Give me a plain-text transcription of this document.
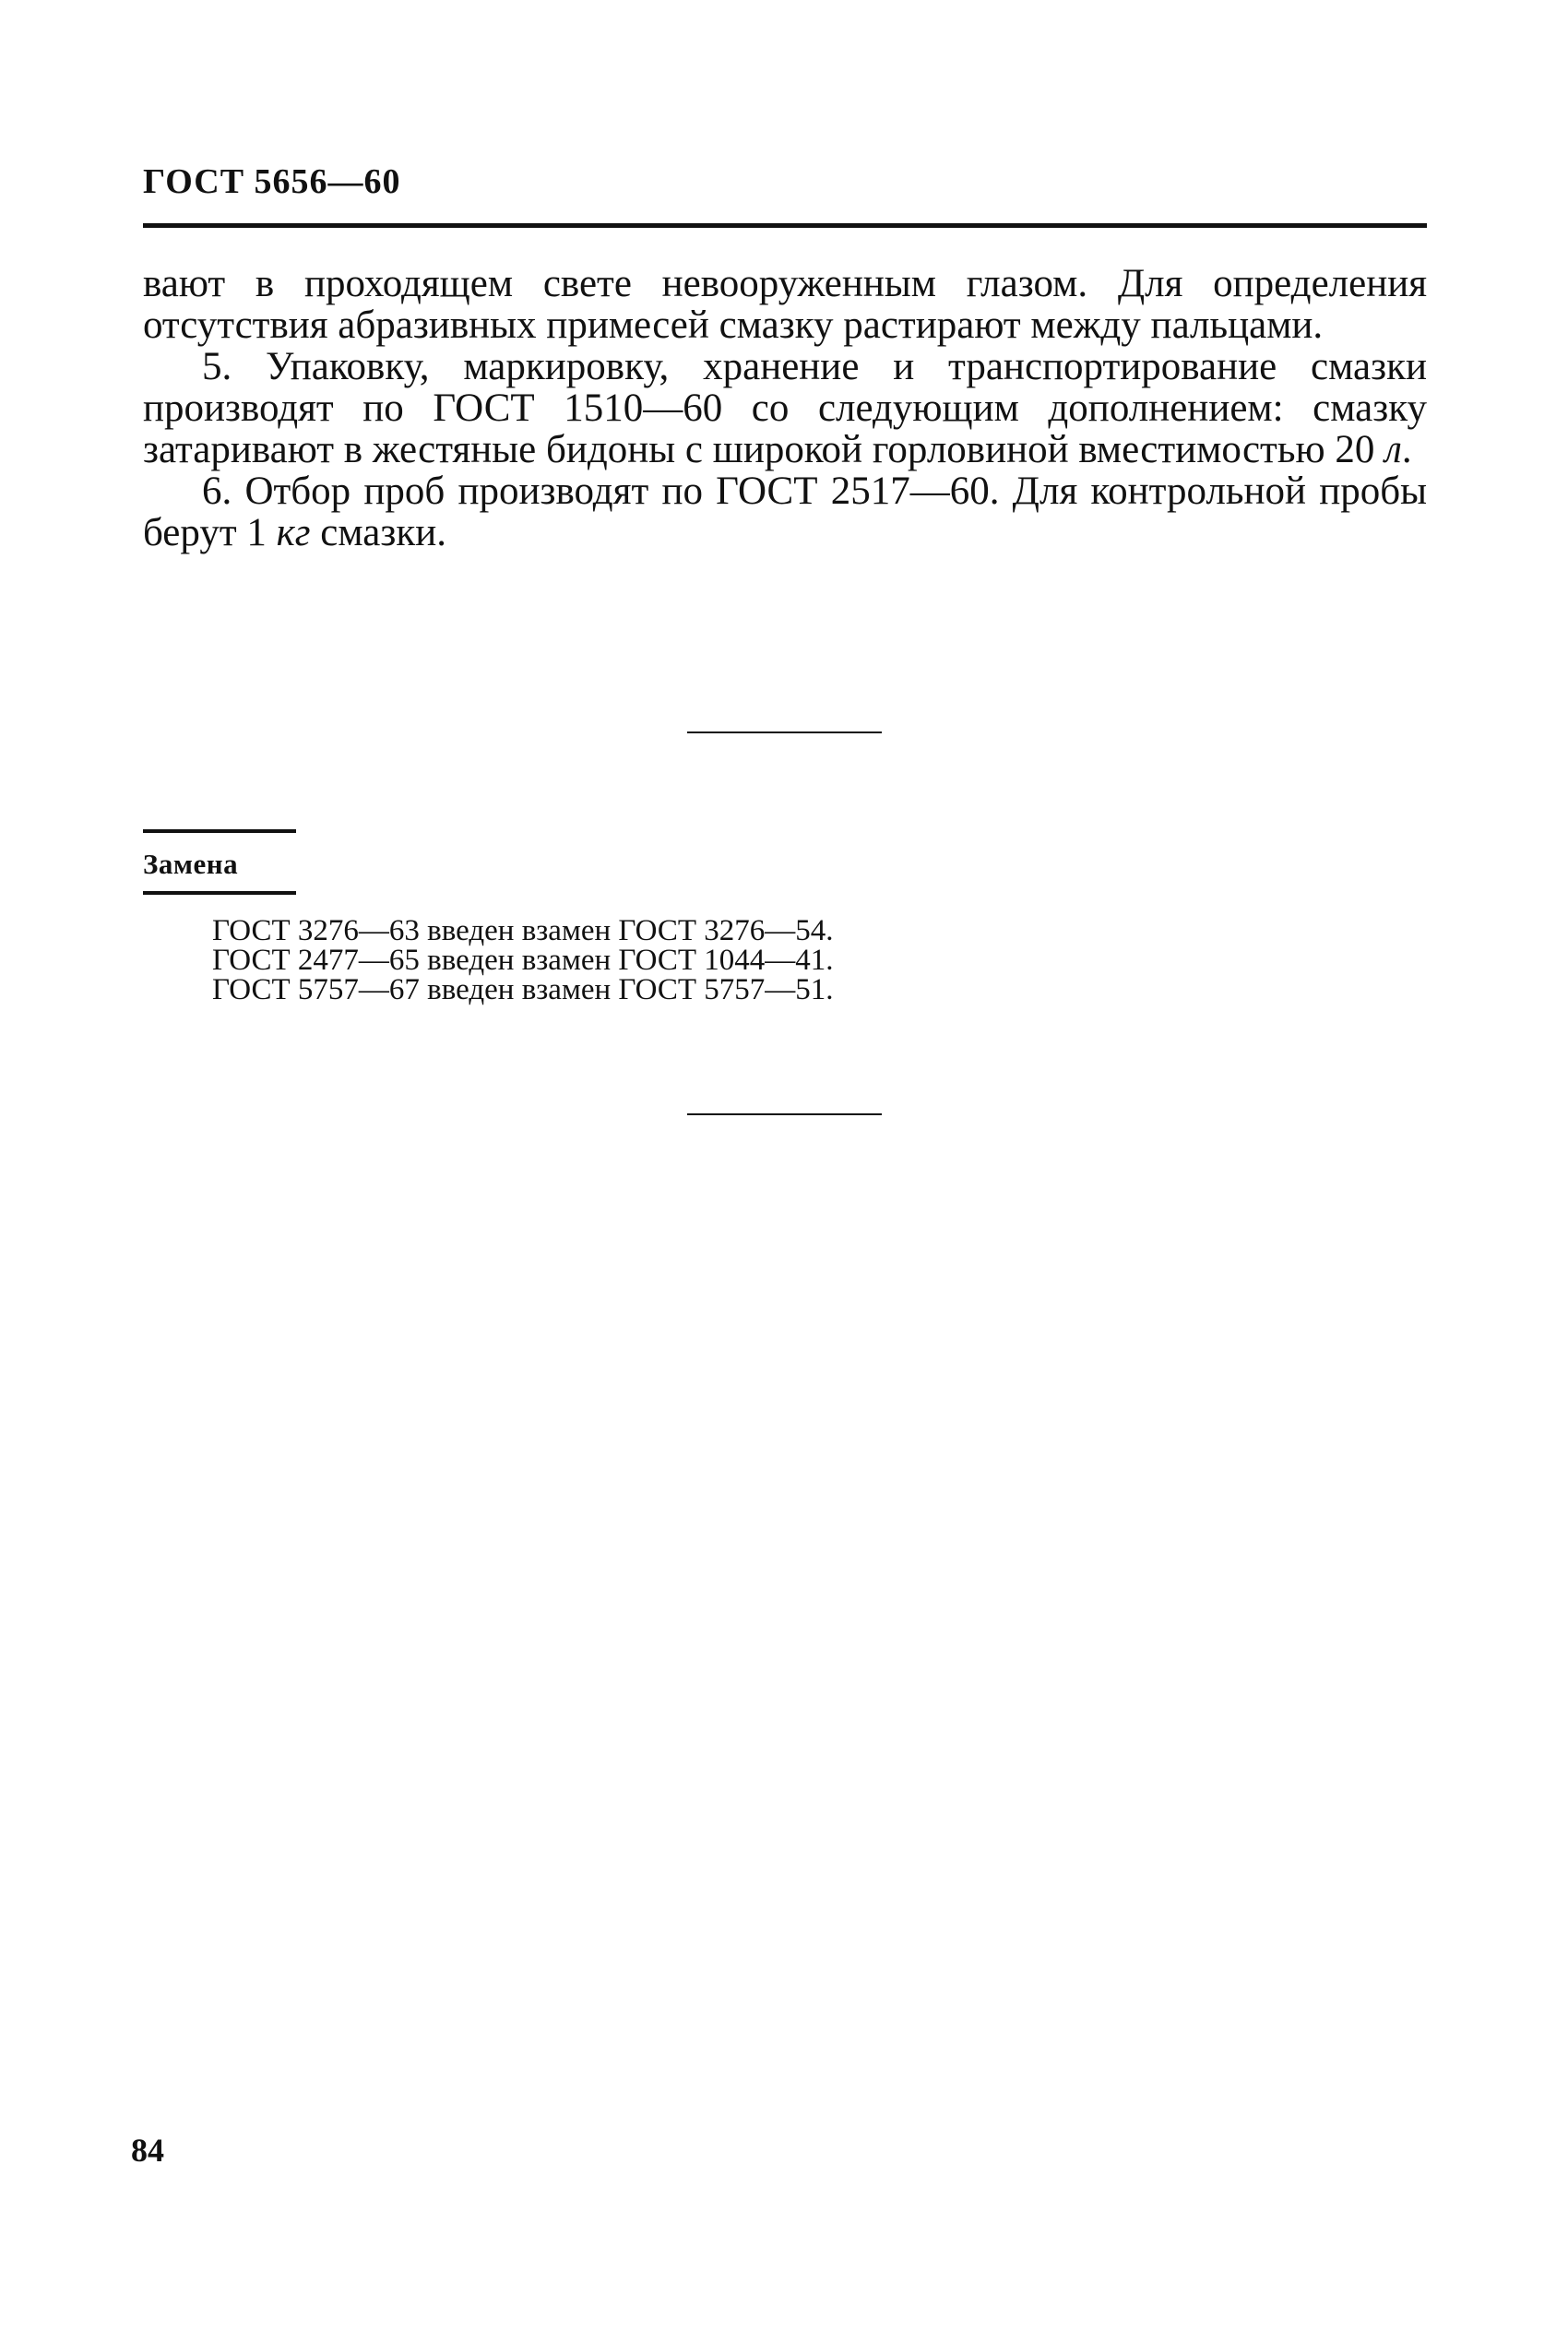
ГОСТ 5656—60

вают в проходящем свете невооруженным глазом. Для определения отсутствия абразивных примесей смазку растирают между пальцами.

5. Упаковку, маркировку, хранение и транспортирование смазки производят по ГОСТ 1510—60 со следующим дополнением: смазку затаривают в жестяные бидоны с широкой горловиной вместимостью 20 л.

6. Отбор проб производят по ГОСТ 2517—60. Для контрольной пробы берут 1 кг смазки.

Замена
ГОСТ 3276—63 введен взамен ГОСТ 3276—54.
ГОСТ 2477—65 введен взамен ГОСТ 1044—41.
ГОСТ 5757—67 введен взамен ГОСТ 5757—51.
84
